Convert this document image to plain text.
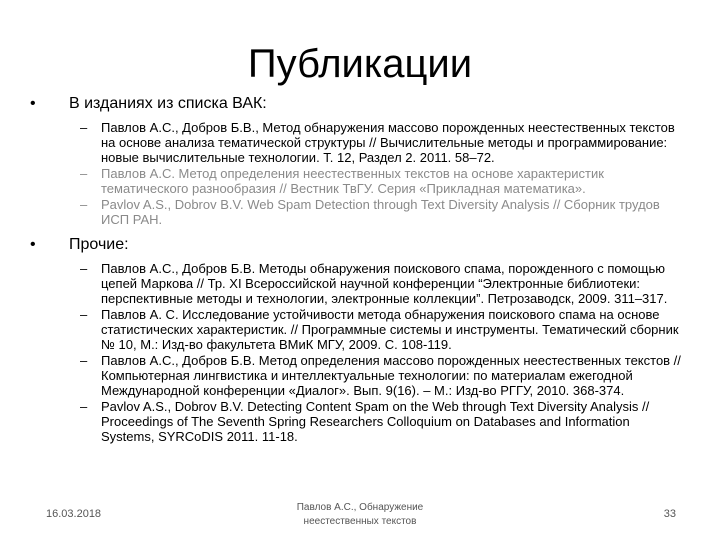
Публикации
• В изданиях из списка ВАК:
– Павлов А.С., Добров Б.В., Метод обнаружения массово порожденных неестественных текстов на основе анализа тематической структуры // Вычислительные методы и программирование: новые вычислительные технологии. Т. 12, Раздел 2. 2011. 58–72.
– Павлов А.С. Метод определения неестественных текстов на основе характеристик тематического разнообразия // Вестник ТвГУ. Серия «Прикладная математика».
– Pavlov A.S., Dobrov B.V. Web Spam Detection through Text Diversity Analysis // Сборник трудов ИСП РАН.
• Прочие:
– Павлов А.С., Добров Б.В. Методы обнаружения поискового спама, порожденного с помощью цепей Маркова // Тр. XI Всероссийской научной конференции “Электронные библиотеки: перспективные методы и технологии, электронные коллекции”. Петрозаводск, 2009. 311–317.
– Павлов А. С. Исследование устойчивости метода обнаружения поискового спама на основе статистических характеристик. // Программные системы и инструменты. Тематический сборник № 10, М.: Изд-во факультета ВМиК МГУ, 2009. С. 108-119.
– Павлов А.С., Добров Б.В. Метод определения массово порожденных неестественных текстов // Компьютерная лингвистика и интеллектуальные технологии: по материалам ежегодной Международной конференции «Диалог». Вып. 9(16). – М.: Изд-во РГГУ, 2010. 368-374.
– Pavlov A.S., Dobrov B.V. Detecting Content Spam on the Web through Text Diversity Analysis // Proceedings of The Seventh Spring Researchers Colloquium on Databases and Information Systems, SYRCoDIS 2011. 11-18.
16.03.2018
Павлов А.С., Обнаружение
неестественных текстов
33
